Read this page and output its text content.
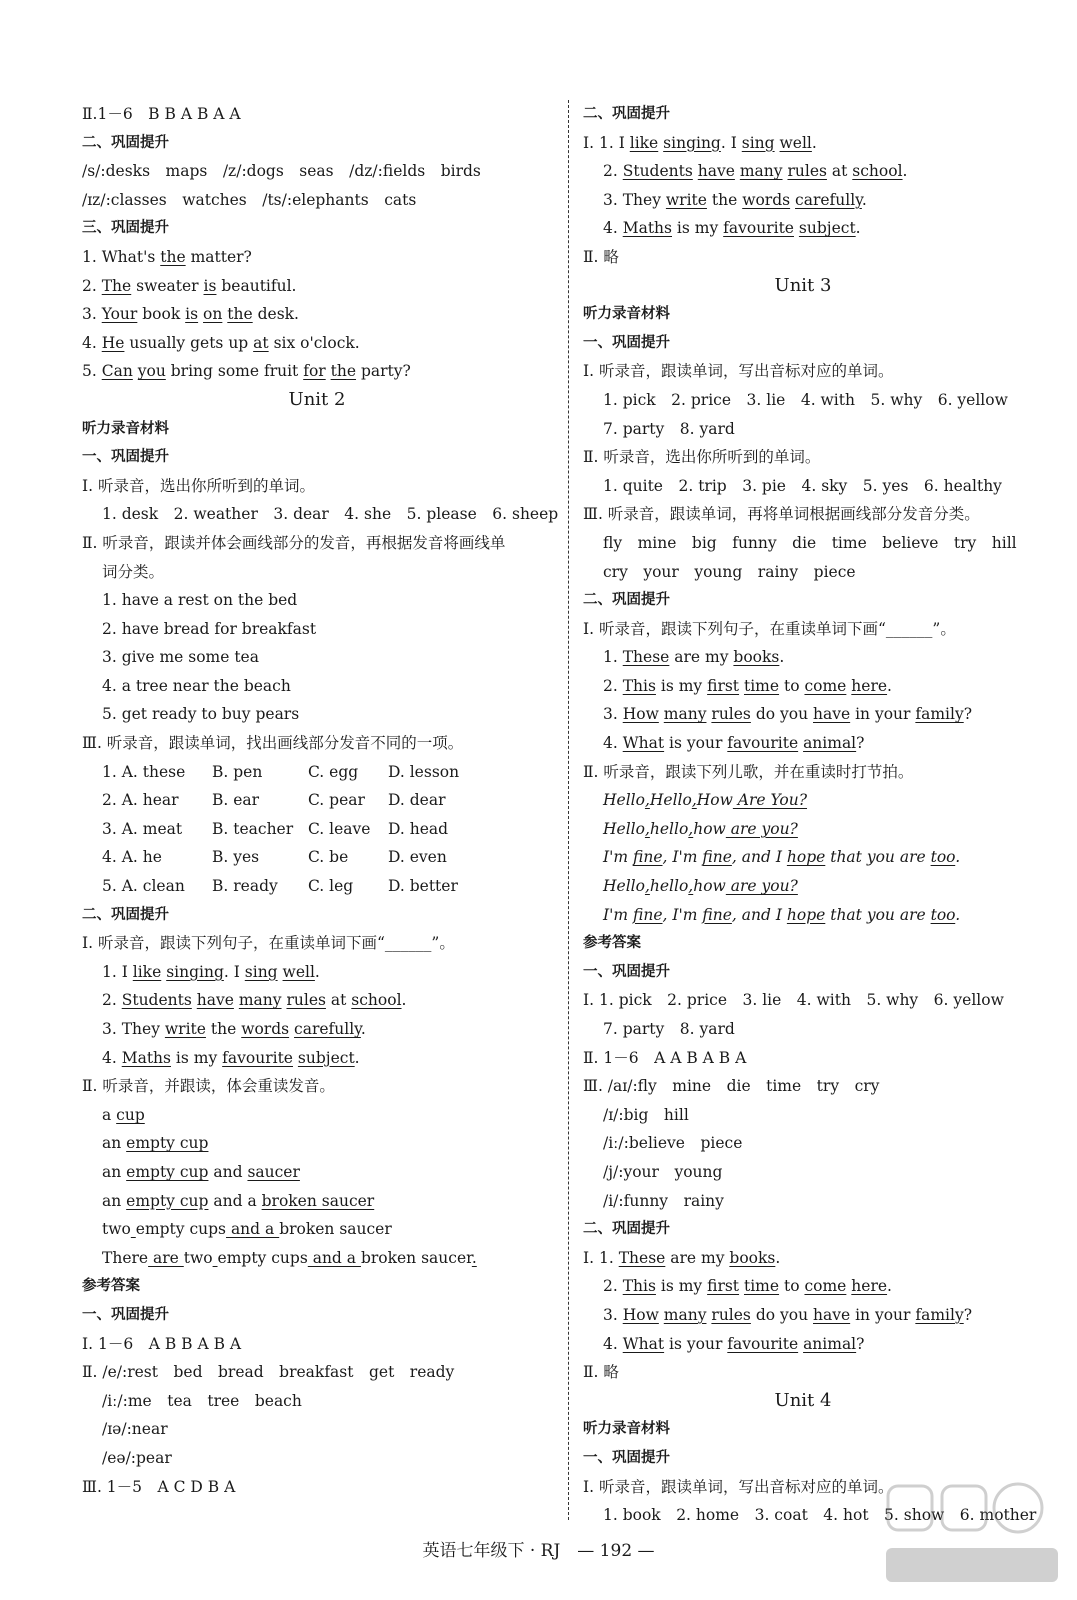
Ⅱ.1－6　B B A B A A
二、巩固提升
/s/:desks　maps　/z/:dogs　seas　/dz/:fields　birds
/ɪz/:classes　watches　/ts/:elephants　cats
三、巩固提升
1. What's the matter?
2. The sweater is beautiful.
3. Your book is on the desk.
4. He usually gets up at six o'clock.
5. Can you bring some fruit for the party?
Unit 2
听力录音材料
一、巩固提升
Ⅰ. 听录音，选出你所听到的单词。
1. desk　2. weather　3. dear　4. she　5. please　6. sheep
Ⅱ. 听录音，跟读并体会画线部分的发音，再根据发音将画线单
词分类。
1. have a rest on the bed
2. have bread for breakfast
3. give me some tea
4. a tree near the beach
5. get ready to buy pears
Ⅲ. 听录音，跟读单词，找出画线部分发音不同的一项。
1. A. these B. pen	C. egg D. lesson
2. A. hear B. ear	C. pear D. dear
3. A. meat B. teacher C. leave D. head
4. A. he	B. yes	C. be	D. even
5. A. clean B. ready C. leg D. better
二、巩固提升
Ⅰ. 听录音，跟读下列句子，在重读单词下画“______”。
1. I like singing. I sing well.
2. Students have many rules at school.
3. They write the words carefully.
4. Maths is my favourite subject.
Ⅱ. 听录音，并跟读，体会重读发音。
a cup
an empty cup
an empty cup and saucer
an empty cup and a broken saucer
two empty cups and a broken saucer
There are two empty cups and a broken saucer.
参考答案
一、巩固提升
Ⅰ. 1－6　A B B A B A
Ⅱ. /e/:rest　bed　bread　breakfast　get　ready
/iː/:me　tea　tree　beach
/ɪə/:near
/eə/:pear
Ⅲ. 1－5　A C D B A
二、巩固提升
Ⅰ. 1. I like singing. I sing well.
2. Students have many rules at school.
3. They write the words carefully.
4. Maths is my favourite subject.
Ⅱ. 略
Unit 3
听力录音材料
一、巩固提升
Ⅰ. 听录音，跟读单词，写出音标对应的单词。
1. pick　2. price　3. lie　4. with　5. why　6. yellow
7. party　8. yard
Ⅱ. 听录音，选出你所听到的单词。
1. quite　2. trip　3. pie　4. sky　5. yes　6. healthy
Ⅲ. 听录音，跟读单词，再将单词根据画线部分发音分类。
fly　mine　big　funny　die　time　believe　try　hill
cry　your　young　rainy　piece
二、巩固提升
Ⅰ. 听录音，跟读下列句子，在重读单词下画“______”。
1. These are my books.
2. This is my first time to come here.
3. How many rules do you have in your family?
4. What is your favourite animal?
Ⅱ. 听录音，跟读下列儿歌，并在重读时打节拍。
Hello,Hello,How Are You?
Hello,hello,how are you?
I'm fine, I'm fine, and I hope that you are too.
Hello,hello,how are you?
I'm fine, I'm fine, and I hope that you are too.
参考答案
一、巩固提升
Ⅰ. 1. pick　2. price　3. lie　4. with　5. why　6. yellow
7. party　8. yard
Ⅱ. 1－6　A A B A B A
Ⅲ. /aɪ/:fly　mine　die　time　try　cry
/ɪ/:big　hill
/iː/:believe　piece
/j/:your　young
/i/:funny　rainy
二、巩固提升
Ⅰ. 1. These are my books.
2. This is my first time to come here.
3. How many rules do you have in your family?
4. What is your favourite animal?
Ⅱ. 略
Unit 4
听力录音材料
一、巩固提升
Ⅰ. 听录音，跟读单词，写出音标对应的单词。
1. book　2. home　3. coat　4. hot　5. show　6. mother
英语七年级下 · RJ　— 192 —
